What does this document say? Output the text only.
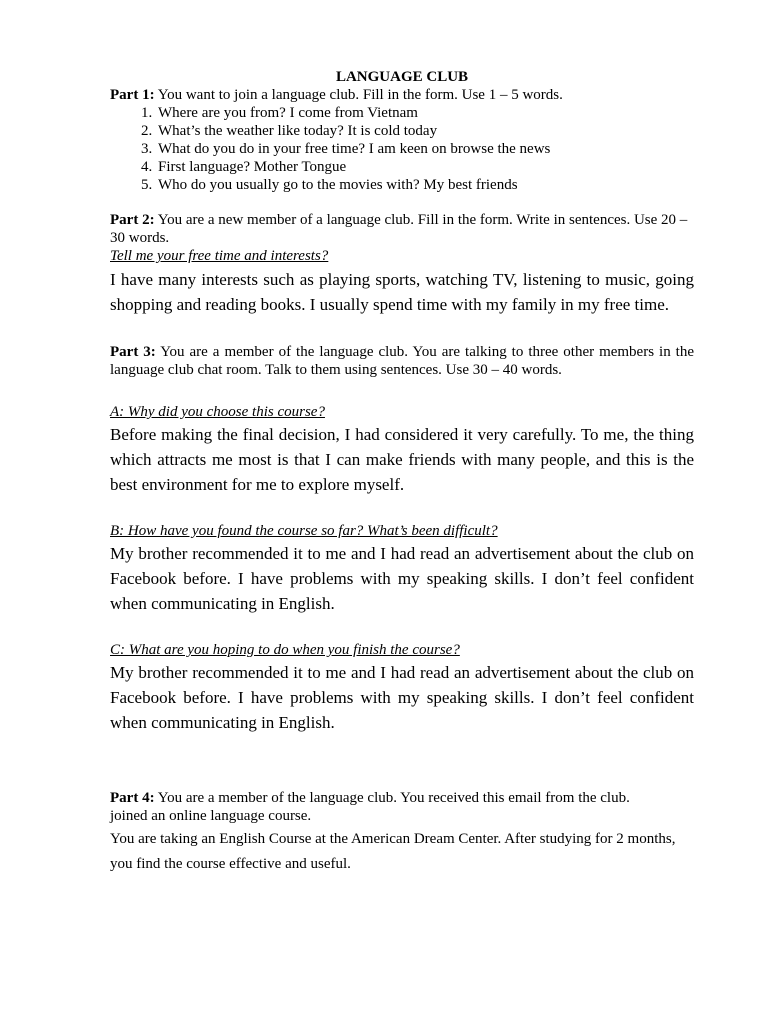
LANGUAGE CLUB

Part 1: You want to join a language club. Fill in the form. Use 1 – 5 words.

1. Where are you from? I come from Vietnam
2. What’s the weather like today? It is cold today
3. What do you do in your free time? I am keen on browse the news
4. First language? Mother Tongue
5. Who do you usually go to the movies with? My best friends

Part 2: You are a new member of a language club. Fill in the form. Write in sentences. Use 20 – 30 words.

Tell me your free time and interests?

I have many interests such as playing sports, watching TV, listening to music, going shopping and reading books. I usually spend time with my family in my free time.

Part 3: You are a member of the language club. You are talking to three other members in the language club chat room. Talk to them using sentences. Use 30 – 40 words.

A: Why did you choose this course?

Before making the final decision, I had considered it very carefully. To me, the thing which attracts me most is that I can make friends with many people, and this is the best environment for me to explore myself.

B: How have you found the course so far? What’s been difficult?

My brother recommended it to me and I had read an advertisement about the club on Facebook before. I have problems with my speaking skills. I don’t feel confident when communicating in English.

C: What are you hoping to do when you finish the course?

My brother recommended it to me and I had read an advertisement about the club on Facebook before. I have problems with my speaking skills. I don’t feel confident when communicating in English.

Part 4: You are a member of the language club. You received this email from the club.

joined an online language course.

You are taking an English Course at the American Dream Center. After studying for 2 months, you find the course effective and useful.
